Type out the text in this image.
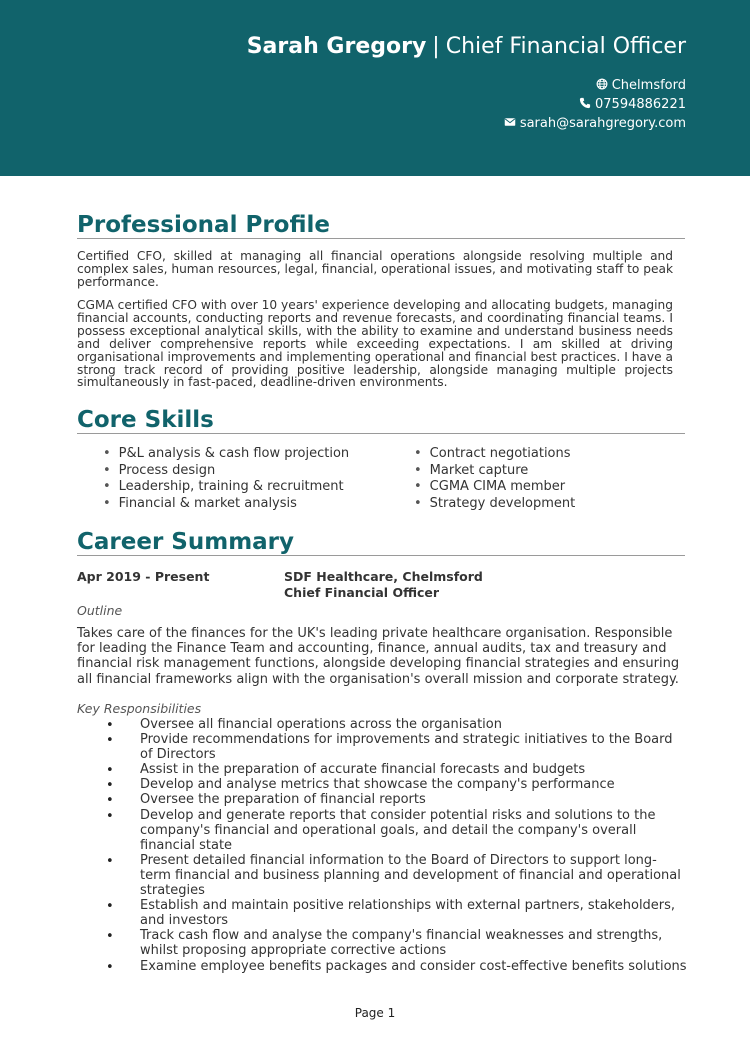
Sarah Gregory | Chief Financial Officer
Chelmsford
07594886221
sarah@sarahgregory.com
Professional Profile
Certified CFO, skilled at managing all financial operations alongside resolving multiple and complex sales, human resources, legal, financial, operational issues, and motivating staff to peak performance.
CGMA certified CFO with over 10 years' experience developing and allocating budgets, managing financial accounts, conducting reports and revenue forecasts, and coordinating financial teams. I possess exceptional analytical skills, with the ability to examine and understand business needs and deliver comprehensive reports while exceeding expectations. I am skilled at driving organisational improvements and implementing operational and financial best practices. I have a strong track record of providing positive leadership, alongside managing multiple projects simultaneously in fast-paced, deadline-driven environments.
Core Skills
• P&L analysis & cash flow projection
• Process design
• Leadership, training & recruitment
• Financial & market analysis
• Contract negotiations
• Market capture
• CGMA CIMA member
• Strategy development
Career Summary
Apr 2019 - Present	SDF Healthcare, Chelmsford
Chief Financial Officer
Outline
Takes care of the finances for the UK's leading private healthcare organisation. Responsible for leading the Finance Team and accounting, finance, annual audits, tax and treasury and financial risk management functions, alongside developing financial strategies and ensuring all financial frameworks align with the organisation's overall mission and corporate strategy.
Key Responsibilities
• Oversee all financial operations across the organisation
• Provide recommendations for improvements and strategic initiatives to the Board of Directors
• Assist in the preparation of accurate financial forecasts and budgets
• Develop and analyse metrics that showcase the company's performance
• Oversee the preparation of financial reports
• Develop and generate reports that consider potential risks and solutions to the company's financial and operational goals, and detail the company's overall financial state
• Present detailed financial information to the Board of Directors to support long-term financial and business planning and development of financial and operational strategies
• Establish and maintain positive relationships with external partners, stakeholders, and investors
• Track cash flow and analyse the company's financial weaknesses and strengths, whilst proposing appropriate corrective actions
• Examine employee benefits packages and consider cost-effective benefits solutions
Page 1
